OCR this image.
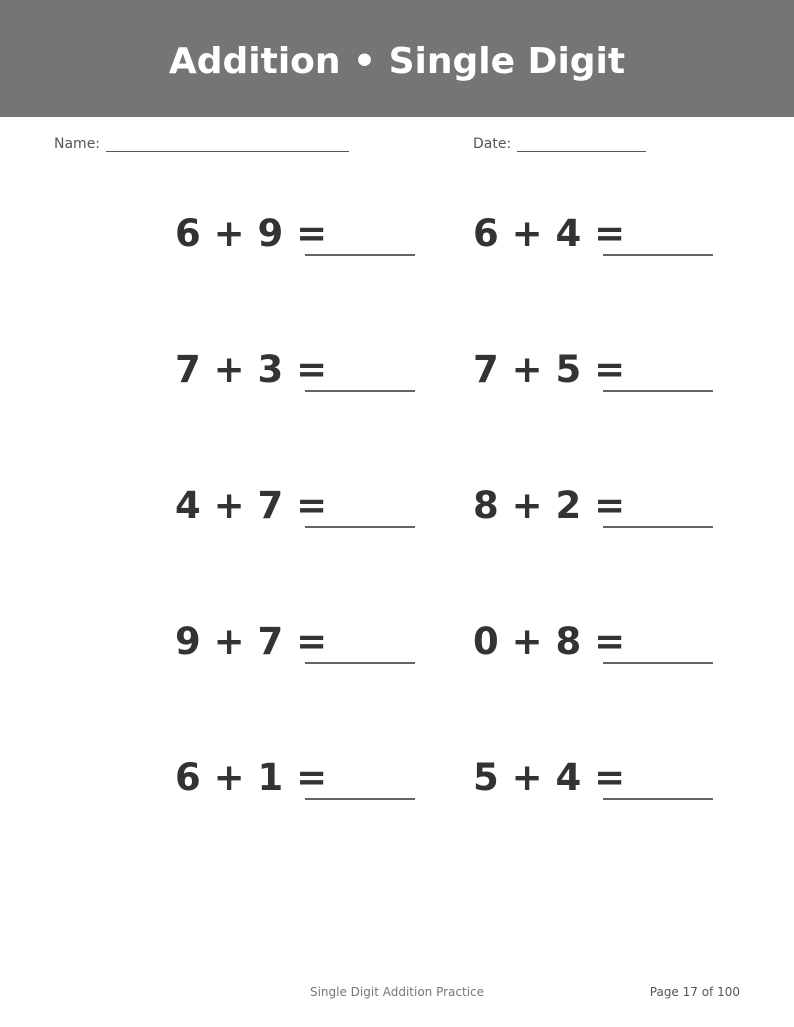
Addition • Single Digit
Name:	Date:
6 + 9 =
7 + 3 =
4 + 7 =
9 + 7 =
6 + 1 =
6 + 4 =
7 + 5 =
8 + 2 =
0 + 8 =
5 + 4 =
Single Digit Addition Practice	Page 17 of 100
